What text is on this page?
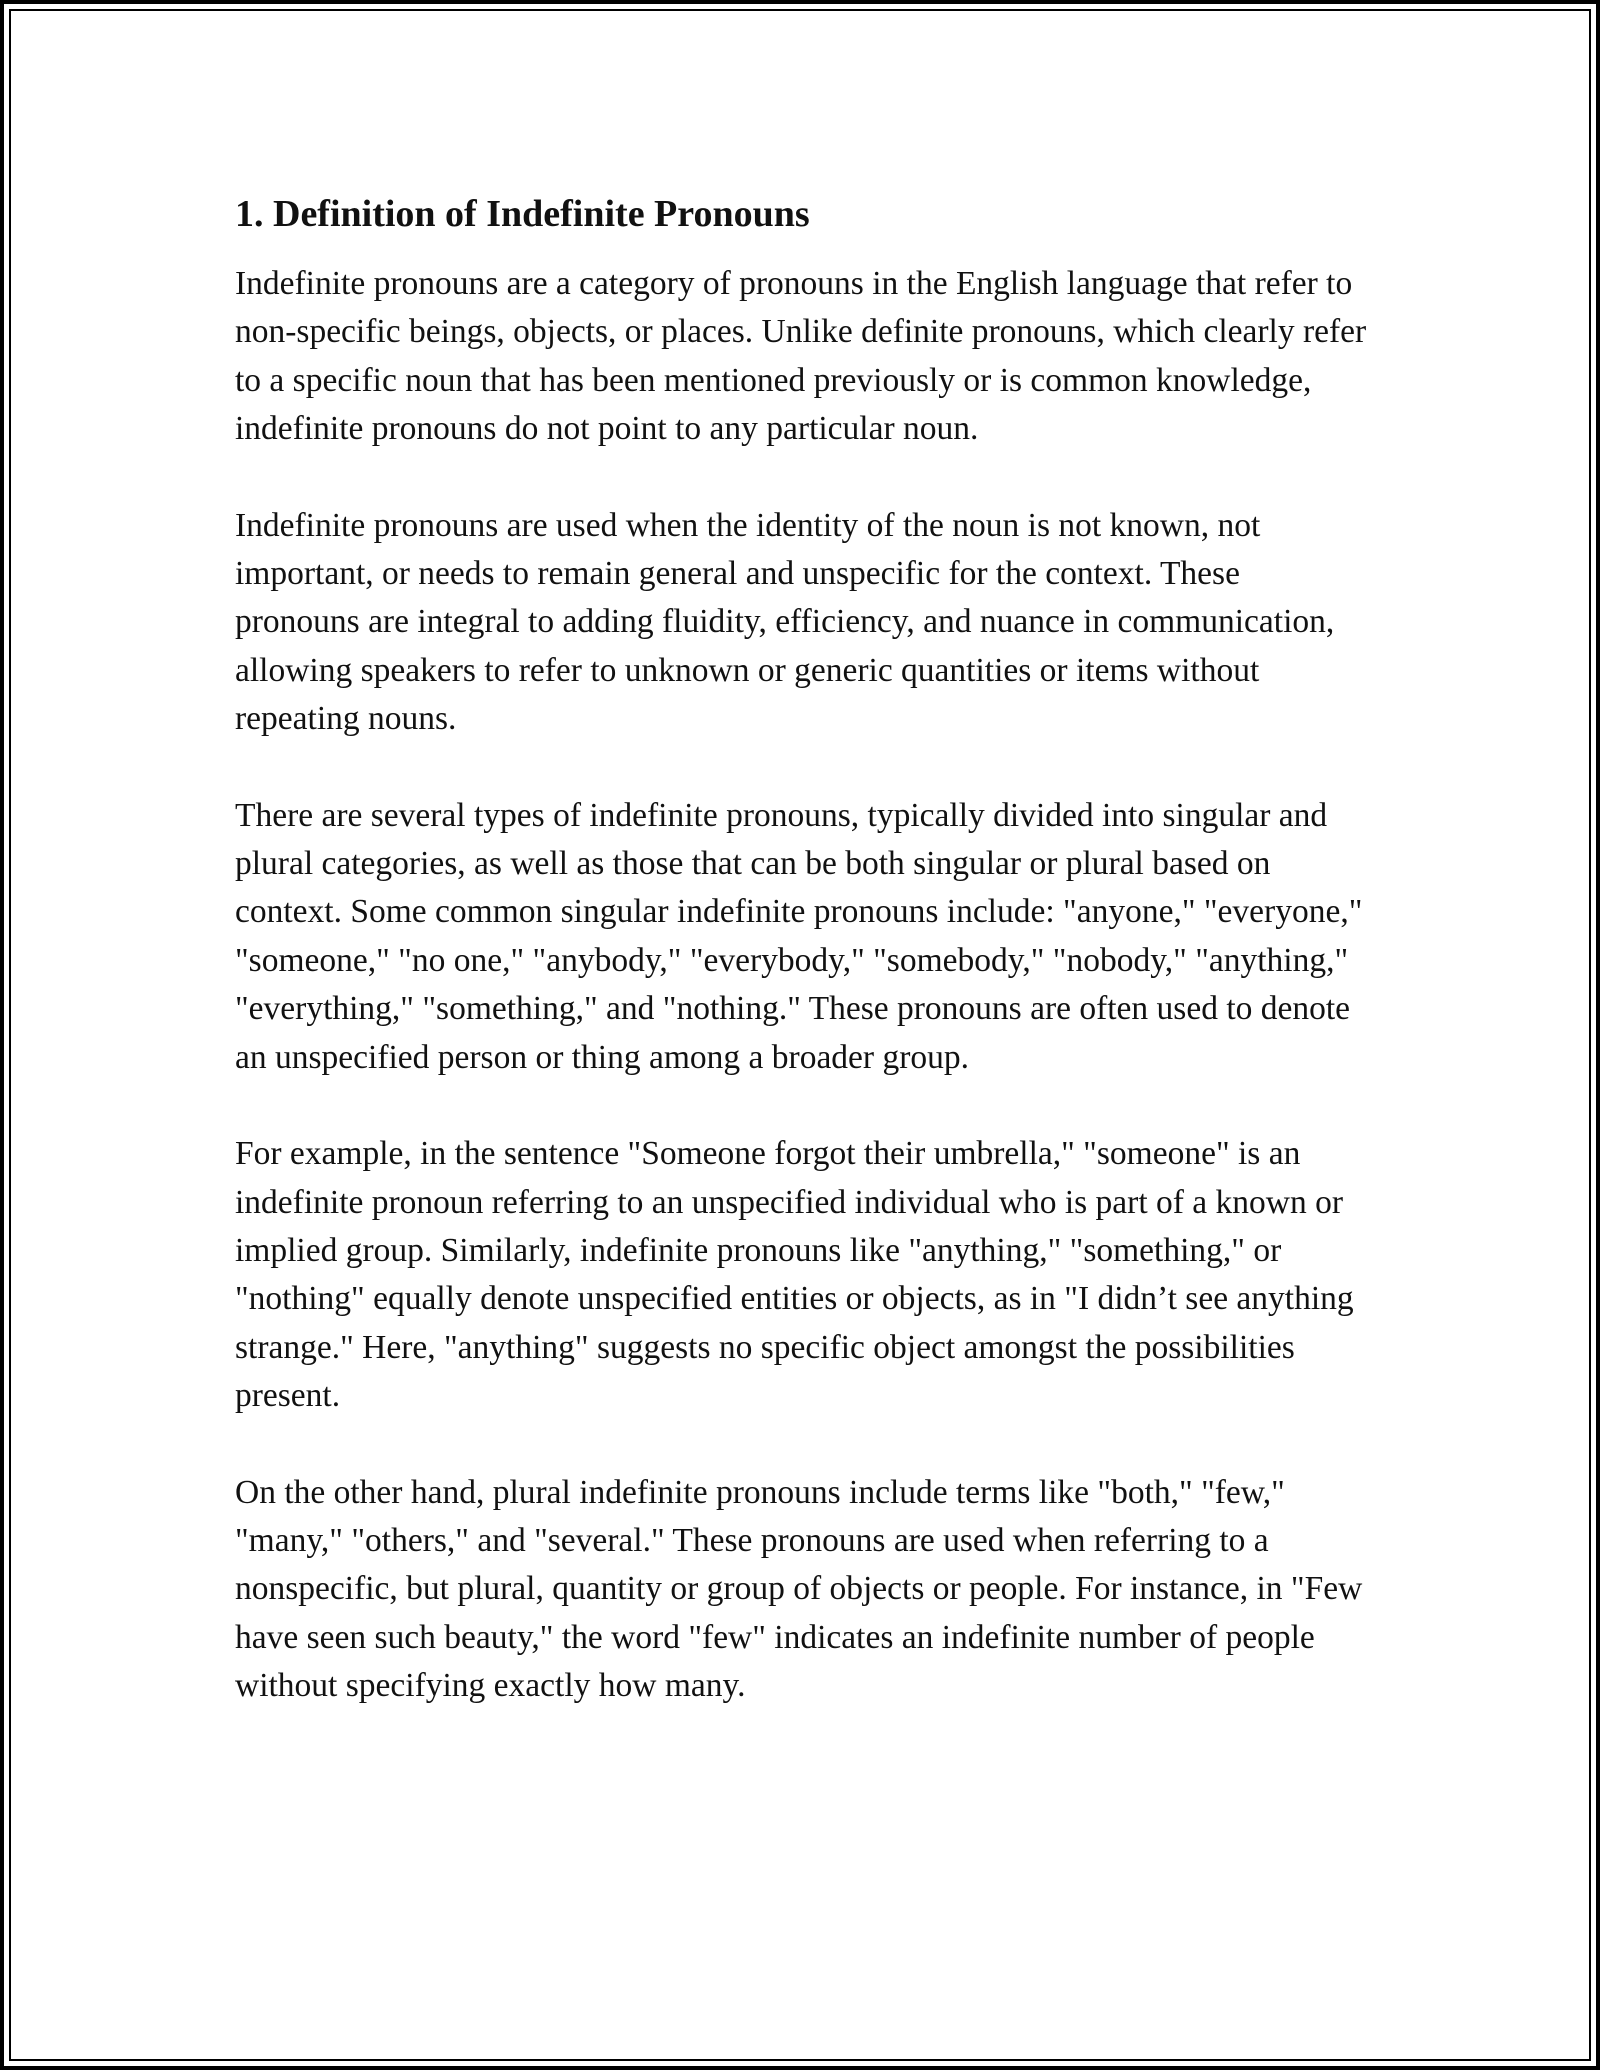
1. Definition of Indefinite Pronouns

Indefinite pronouns are a category of pronouns in the English language that refer to non-specific beings, objects, or places. Unlike definite pronouns, which clearly refer to a specific noun that has been mentioned previously or is common knowledge, indefinite pronouns do not point to any particular noun.

Indefinite pronouns are used when the identity of the noun is not known, not important, or needs to remain general and unspecific for the context. These pronouns are integral to adding fluidity, efficiency, and nuance in communication, allowing speakers to refer to unknown or generic quantities or items without repeating nouns.

There are several types of indefinite pronouns, typically divided into singular and plural categories, as well as those that can be both singular or plural based on context. Some common singular indefinite pronouns include: "anyone," "everyone," "someone," "no one," "anybody," "everybody," "somebody," "nobody," "anything," "everything," "something," and "nothing." These pronouns are often used to denote an unspecified person or thing among a broader group.

For example, in the sentence "Someone forgot their umbrella," "someone" is an indefinite pronoun referring to an unspecified individual who is part of a known or implied group. Similarly, indefinite pronouns like "anything," "something," or "nothing" equally denote unspecified entities or objects, as in "I didn’t see anything strange." Here, "anything" suggests no specific object amongst the possibilities present.

On the other hand, plural indefinite pronouns include terms like "both," "few," "many," "others," and "several." These pronouns are used when referring to a nonspecific, but plural, quantity or group of objects or people. For instance, in "Few have seen such beauty," the word "few" indicates an indefinite number of people without specifying exactly how many.
